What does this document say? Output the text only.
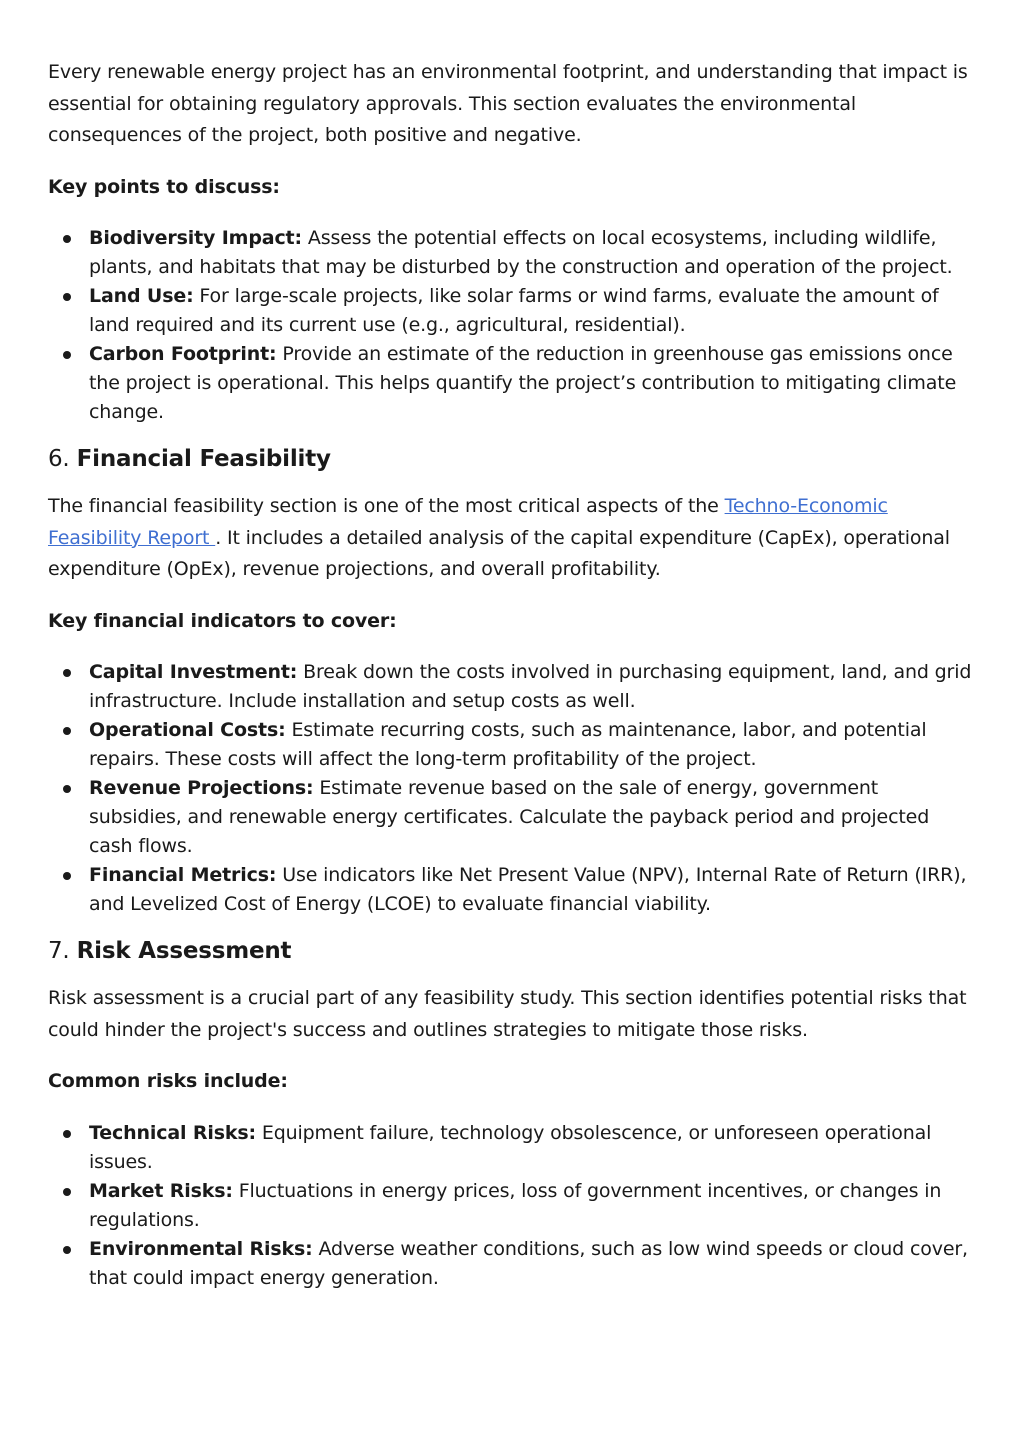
Every renewable energy project has an environmental footprint, and understanding that impact is essential for obtaining regulatory approvals. This section evaluates the environmental consequences of the project, both positive and negative.

Key points to discuss:

Biodiversity Impact: Assess the potential effects on local ecosystems, including wildlife, plants, and habitats that may be disturbed by the construction and operation of the project.
Land Use: For large-scale projects, like solar farms or wind farms, evaluate the amount of land required and its current use (e.g., agricultural, residential).
Carbon Footprint: Provide an estimate of the reduction in greenhouse gas emissions once the project is operational. This helps quantify the project’s contribution to mitigating climate change.
6. Financial Feasibility

The financial feasibility section is one of the most critical aspects of the Techno-Economic Feasibility Report . It includes a detailed analysis of the capital expenditure (CapEx), operational expenditure (OpEx), revenue projections, and overall profitability.

Key financial indicators to cover:

Capital Investment: Break down the costs involved in purchasing equipment, land, and grid infrastructure. Include installation and setup costs as well.
Operational Costs: Estimate recurring costs, such as maintenance, labor, and potential repairs. These costs will affect the long-term profitability of the project.
Revenue Projections: Estimate revenue based on the sale of energy, government subsidies, and renewable energy certificates. Calculate the payback period and projected cash flows.
Financial Metrics: Use indicators like Net Present Value (NPV), Internal Rate of Return (IRR), and Levelized Cost of Energy (LCOE) to evaluate financial viability.
7. Risk Assessment

Risk assessment is a crucial part of any feasibility study. This section identifies potential risks that could hinder the project's success and outlines strategies to mitigate those risks.

Common risks include:

Technical Risks: Equipment failure, technology obsolescence, or unforeseen operational issues.
Market Risks: Fluctuations in energy prices, loss of government incentives, or changes in regulations.
Environmental Risks: Adverse weather conditions, such as low wind speeds or cloud cover, that could impact energy generation.
